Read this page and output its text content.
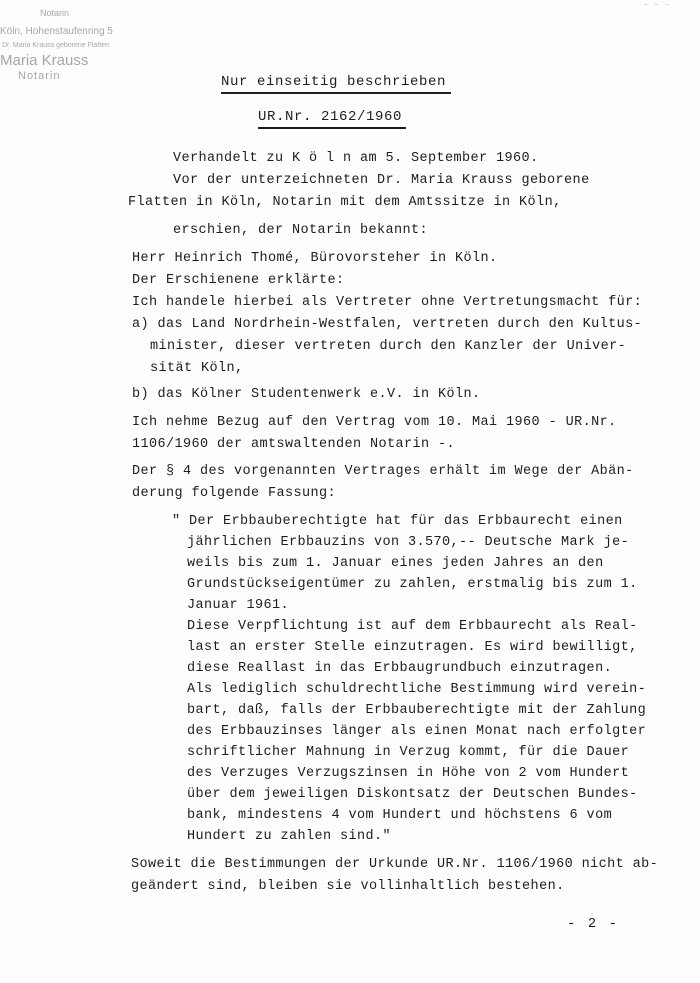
Notarin
Köln, Hohenstaufenring 5
Dr. Maria Krauss geborene Flatten
Maria Krauss
Notarin
- - -
Nur einseitig beschrieben
UR.Nr. 2162/1960
Verhandelt zu K ö l n am 5. September 1960.
Vor der unterzeichneten Dr. Maria Krauss geborene
Flatten in Köln, Notarin mit dem Amtssitze in Köln,
erschien, der Notarin bekannt:
Herr Heinrich Thomé, Bürovorsteher in Köln.
Der Erschienene erklärte:
Ich handele hierbei als Vertreter ohne Vertretungsmacht für:
a) das Land Nordrhein-Westfalen, vertreten durch den Kultus-
minister, dieser vertreten durch den Kanzler der Univer-
sität Köln,
b) das Kölner Studentenwerk e.V. in Köln.
Ich nehme Bezug auf den Vertrag vom 10. Mai 1960 - UR.Nr.
1106/1960 der amtswaltenden Notarin -.
Der § 4 des vorgenannten Vertrages erhält im Wege der Abän-
derung folgende Fassung:
" Der Erbbauberechtigte hat für das Erbbaurecht einen
jährlichen Erbbauzins von 3.570,-- Deutsche Mark je-
weils bis zum 1. Januar eines jeden Jahres an den
Grundstückseigentümer zu zahlen, erstmalig bis zum 1.
Januar 1961.
Diese Verpflichtung ist auf dem Erbbaurecht als Real-
last an erster Stelle einzutragen. Es wird bewilligt,
diese Reallast in das Erbbaugrundbuch einzutragen.
Als lediglich schuldrechtliche Bestimmung wird verein-
bart, daß, falls der Erbbauberechtigte mit der Zahlung
des Erbbauzinses länger als einen Monat nach erfolgter
schriftlicher Mahnung in Verzug kommt, für die Dauer
des Verzuges Verzugszinsen in Höhe von 2 vom Hundert
über dem jeweiligen Diskontsatz der Deutschen Bundes-
bank, mindestens 4 vom Hundert und höchstens 6 vom
Hundert zu zahlen sind."
Soweit die Bestimmungen der Urkunde UR.Nr. 1106/1960 nicht ab-
geändert sind, bleiben sie vollinhaltlich bestehen.
- 2 -
